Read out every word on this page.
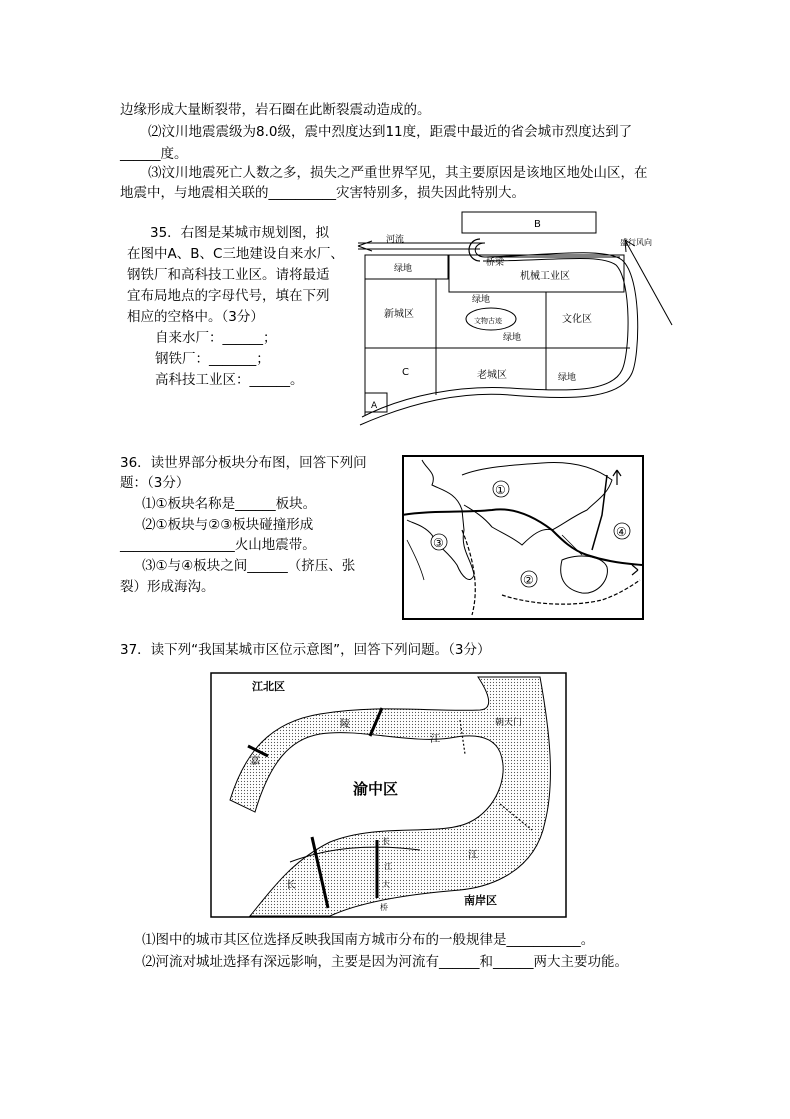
边缘形成大量断裂带，岩石圈在此断裂震动造成的。
⑵汶川地震震级为8.0级，震中烈度达到11度，距震中最近的省会城市烈度达到了
______度。
⑶汶川地震死亡人数之多，损失之严重世界罕见，其主要原因是该地区地处山区，在
地震中，与地震相关联的__________灾害特别多，损失因此特别大。
35．右图是某城市规划图，拟
在图中A、B、C三地建设自来水厂、
钢铁厂和高科技工业区。请将最适
宜布局地点的字母代号，填在下列
相应的空格中。（3分）
自来水厂：______；
钢铁厂：_______；
高科技工业区：______。
B
河流	盛行风向
绿地
桥梁
机械工业区
绿地
新城区
文物古迹	文化区
绿地
C	老城区	绿地
A
36．读世界部分板块分布图，回答下列问
题：（3分）
⑴①板块名称是______板块。
⑵①板块与②③板块碰撞形成
_________________火山地震带。
⑶①与④板块之间______（挤压、张
裂）形成海沟。
①
②
③
④
37．读下列“我国某城市区位示意图”，回答下列问题。（3分）
江北区
嘉
陵
江
朝天门
渝中区
江
长
长
江
大
桥
南岸区
⑴图中的城市其区位选择反映我国南方城市分布的一般规律是___________。
⑵河流对城址选择有深远影响，主要是因为河流有______和______两大主要功能。
